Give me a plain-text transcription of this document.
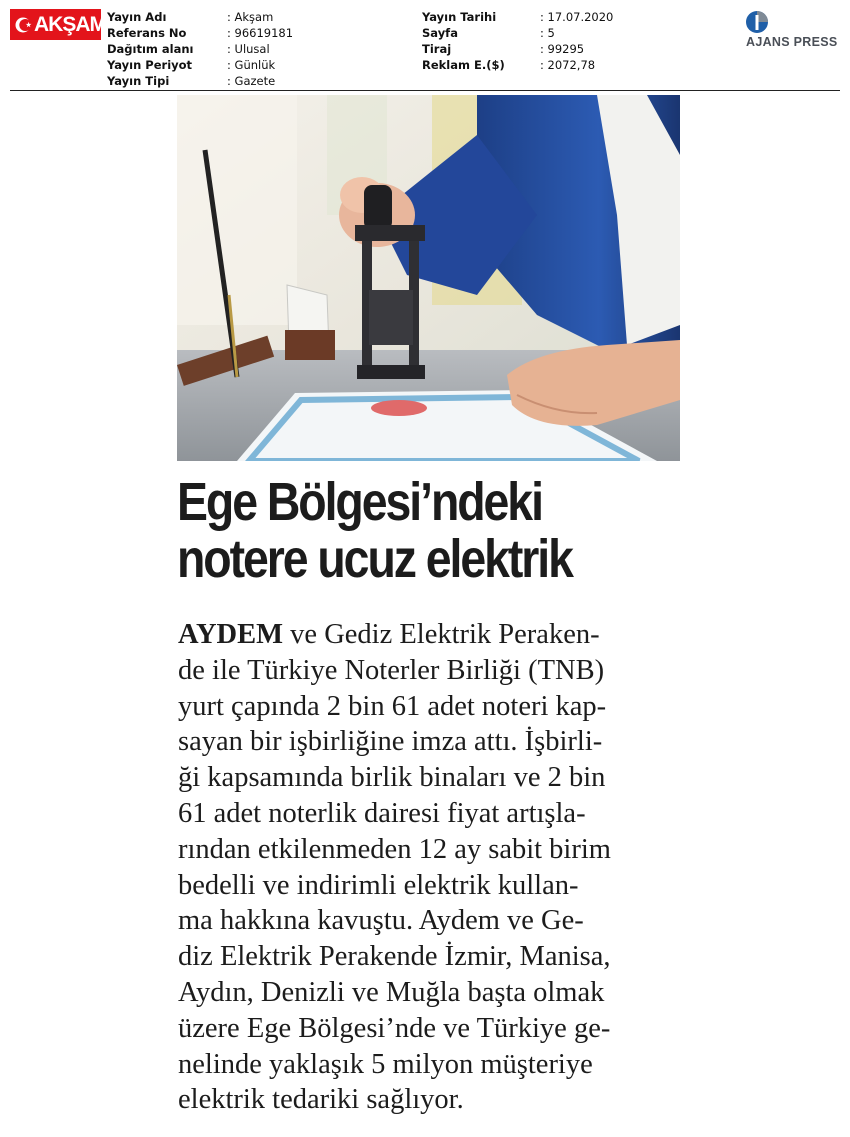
AKŞAM Yayın Adı	: Akşam
Referans No	: 96619181
Dağıtım alanı	: Ulusal
Yayın Periyot	: Günlük
Yayın Tipi	: Gazete
Yayın Tarihi	: 17.07.2020
Sayfa	: 5
Tiraj	: 99295
Reklam E.($)	: 2072,78
AJANS PRESS
Ege Bölgesi’ndeki
notere ucuz elektrik
AYDEM ve Gediz Elektrik Peraken-
de ile Türkiye Noterler Birliği (TNB)
yurt çapında 2 bin 61 adet noteri kap-
sayan bir işbirliğine imza attı. İşbirli-
ği kapsamında birlik binaları ve 2 bin
61 adet noterlik dairesi fiyat artışla-
rından etkilenmeden 12 ay sabit birim
bedelli ve indirimli elektrik kullan-
ma hakkına kavuştu. Aydem ve Ge-
diz Elektrik Perakende İzmir, Manisa,
Aydın, Denizli ve Muğla başta olmak
üzere Ege Bölgesi’nde ve Türkiye ge-
nelinde yaklaşık 5 milyon müşteriye
elektrik tedariki sağlıyor.
